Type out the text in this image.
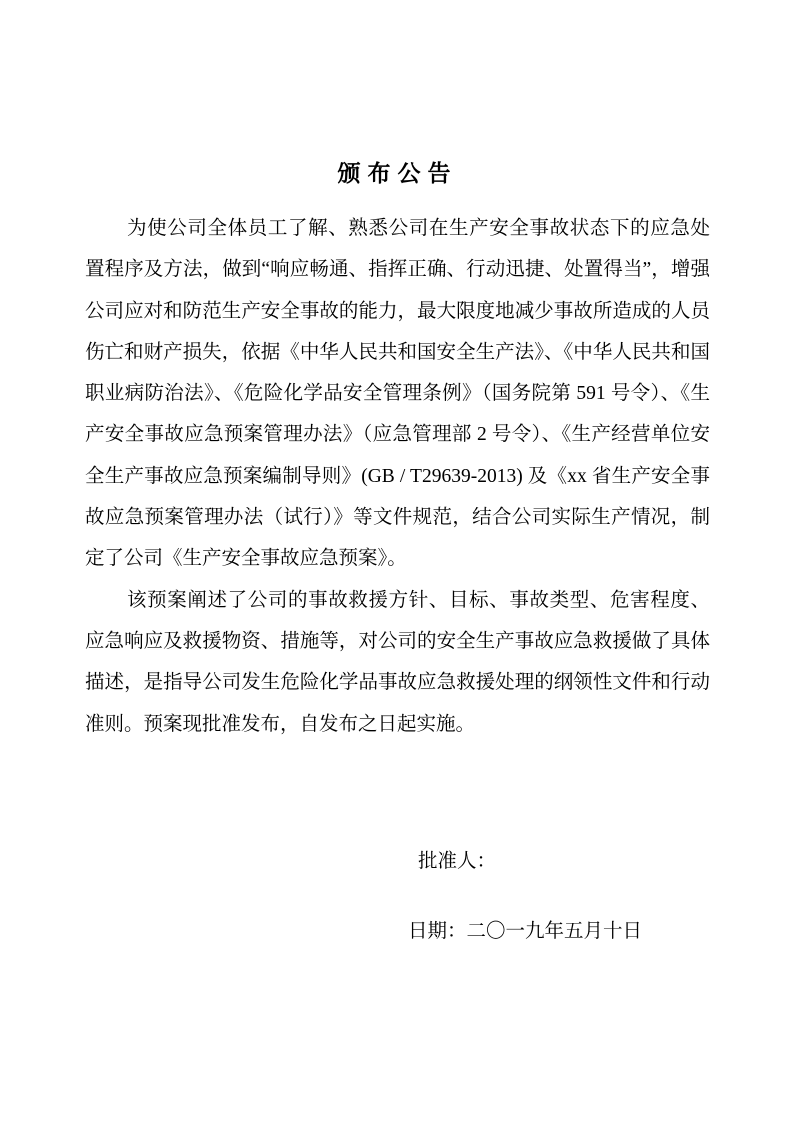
颁布公告

为使公司全体员工了解、熟悉公司在生产安全事故状态下的应急处置程序及方法，做到“响应畅通、指挥正确、行动迅捷、处置得当”，增强公司应对和防范生产安全事故的能力，最大限度地减少事故所造成的人员伤亡和财产损失，依据《中华人民共和国安全生产法》、《中华人民共和国职业病防治法》、《危险化学品安全管理条例》（国务院第 591 号令）、《生产安全事故应急预案管理办法》（应急管理部 2 号令）、《生产经营单位安全生产事故应急预案编制导则》(GB / T29639-2013) 及《xx 省生产安全事故应急预案管理办法（试行）》等文件规范，结合公司实际生产情况，制定了公司《生产安全事故应急预案》。

该预案阐述了公司的事故救援方针、目标、事故类型、危害程度、应急响应及救援物资、措施等，对公司的安全生产事故应急救援做了具体描述，是指导公司发生危险化学品事故应急救援处理的纲领性文件和行动准则。预案现批准发布，自发布之日起实施。

批准人：
日期：二〇一九年五月十日
